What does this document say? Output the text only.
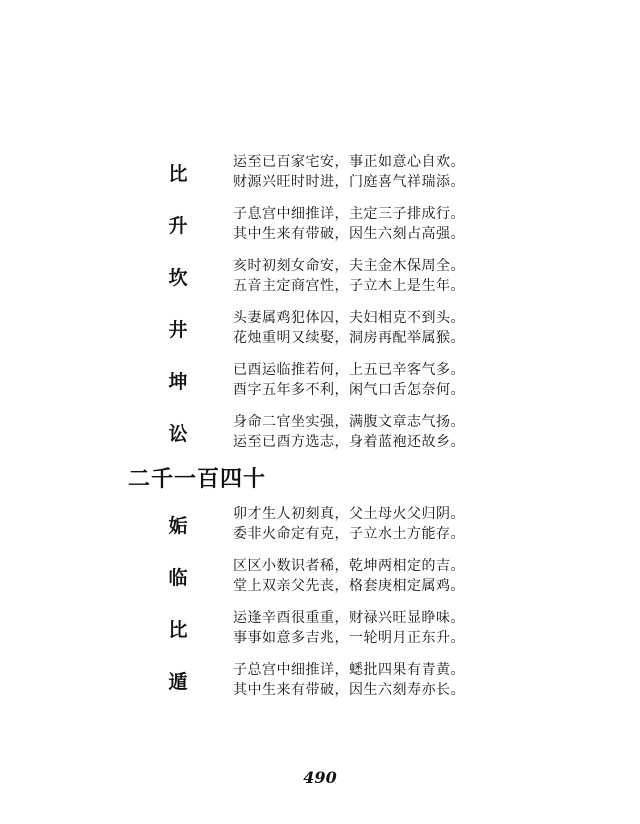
比
运至已百家宅安，事正如意心自欢。
财源兴旺时时进，门庭喜气祥瑞添。
升
子息宫中细推详，主定三子排成行。
其中生来有带破，因生六刻占高强。
坎
亥时初刻女命安，夫主金木保周全。
五音主定商宫性，子立木上是生年。
井
头妻属鸡犯体囚，夫妇相克不到头。
花烛重明又续娶，洞房再配举属猴。
坤
已酉运临推若何，上五已辛客气多。
酉字五年多不利，闲气口舌怎奈何。
讼
身命二官坐实强，满腹文章志气扬。
运至已酉方选志，身着蓝袍还故乡。
二千一百四十
姤
卯才生人初刻真，父土母火父归阴。
委非火命定有克，子立水土方能存。
临
区区小数识者稀，乾坤两相定的吉。
堂上双亲父先丧，格套庚相定属鸡。
比
运逢辛酉很重重，财禄兴旺显睁味。
事事如意多吉兆，一轮明月正东升。
遁
子总宫中细推详，蟋批四果有青黄。
其中生来有带破，因生六刻寿亦长。
490
